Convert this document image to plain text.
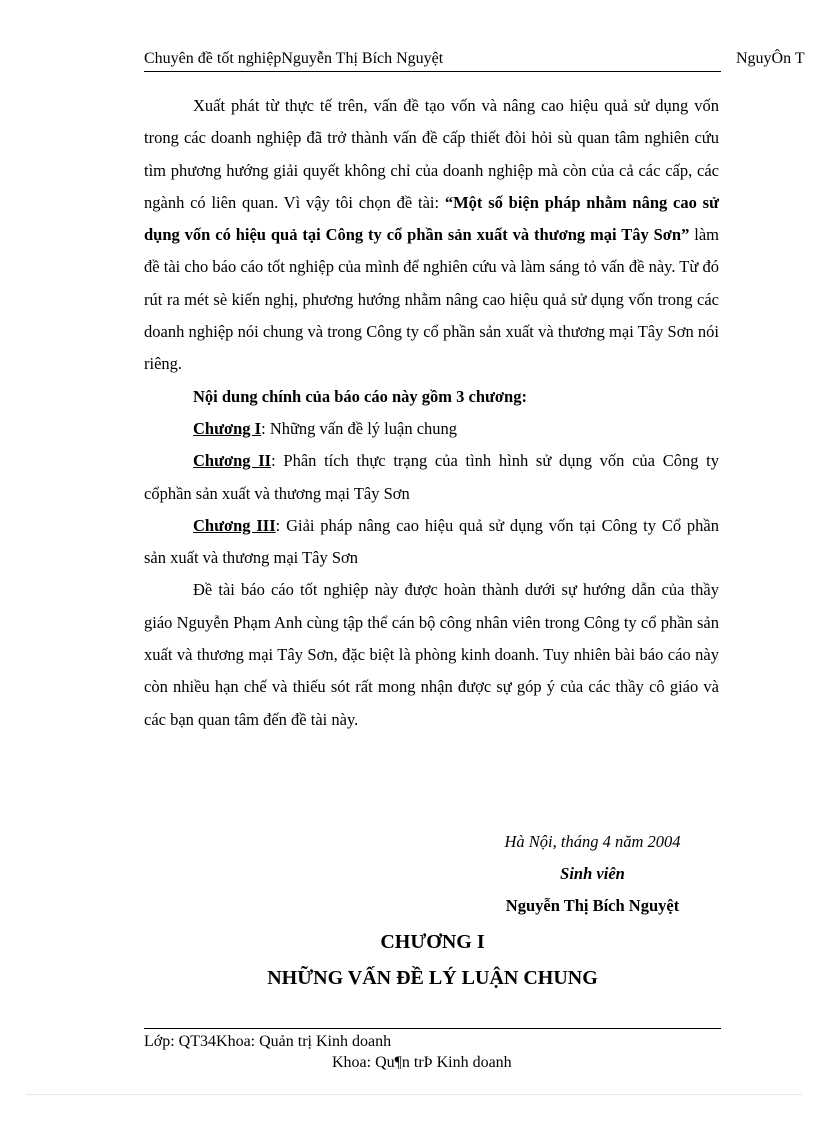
Chuyên đề tốt nghiệpNguyễn Thị Bích Nguyệt	NguyÔn T

Xuất phát từ thực tế trên, vấn đề tạo vốn và nâng cao hiệu quả sử dụng vốn trong các doanh nghiệp đã trở thành vấn đề cấp thiết đòi hỏi sù quan tâm nghiên cứu tìm phương hướng giải quyết không chỉ của doanh nghiệp mà còn của cả các cấp, các ngành có liên quan. Vì vậy tôi chọn đề tài: “Một số biện pháp nhằm nâng cao sử dụng vốn có hiệu quả tại Công ty cổ phần sản xuất và thương mại Tây Sơn” làm đề tài cho báo cáo tốt nghiệp của mình để nghiên cứu và làm sáng tỏ vấn đề này. Từ đó rút ra mét sè kiến nghị, phương hướng nhằm nâng cao hiệu quả sử dụng vốn trong các doanh nghiệp nói chung và trong Công ty cổ phần sản xuất và thương mại Tây Sơn nói riêng.

Nội dung chính của báo cáo này gồm 3 chương:

Chương I: Những vấn đề lý luận chung

Chương II: Phân tích thực trạng của tình hình sử dụng vốn của Công ty cổphần sản xuất và thương mại Tây Sơn

Chương III: Giải pháp nâng cao hiệu quả sử dụng vốn tại Công ty Cổ phần sản xuất và thương mại Tây Sơn

Đề tài báo cáo tốt nghiệp này được hoàn thành dưới sự hướng dẫn của thầy giáo Nguyễn Phạm Anh cùng tập thể cán bộ công nhân viên trong Công ty cổ phần sản xuất và thương mại Tây Sơn, đặc biệt là phòng kinh doanh. Tuy nhiên bài báo cáo này còn nhiều hạn chế và thiếu sót rất mong nhận được sự góp ý của các thầy cô giáo và các bạn quan tâm đến đề tài này.

Hà Nội, tháng 4 năm 2004
Sinh viên
Nguyễn Thị Bích Nguyệt
CHƯƠNG I
NHỮNG VẤN ĐỀ LÝ LUẬN CHUNG
Lớp: QT34Khoa: Quản trị Kinh doanh
Khoa: Qu¶n trÞ Kinh doanh
